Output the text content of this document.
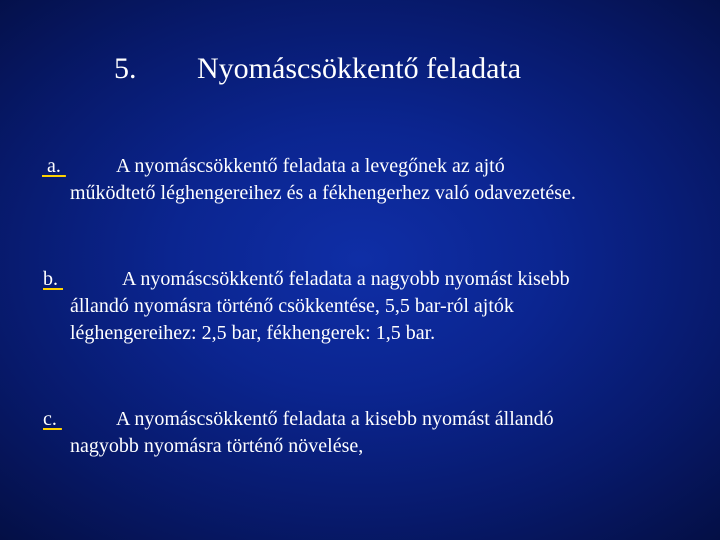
5. Nyomáscsökkentő feladata
a.	A nyomáscsökkentő feladata a levegőnek az ajtó
működtető léghengereihez és a fékhengerhez való odavezetése.
b.	A nyomáscsökkentő feladata a nagyobb nyomást kisebb
állandó nyomásra történő csökkentése, 5,5 bar-ról ajtók
léghengereihez: 2,5 bar, fékhengerek: 1,5 bar.
c.	A nyomáscsökkentő feladata a kisebb nyomást állandó
nagyobb nyomásra történő növelése,
